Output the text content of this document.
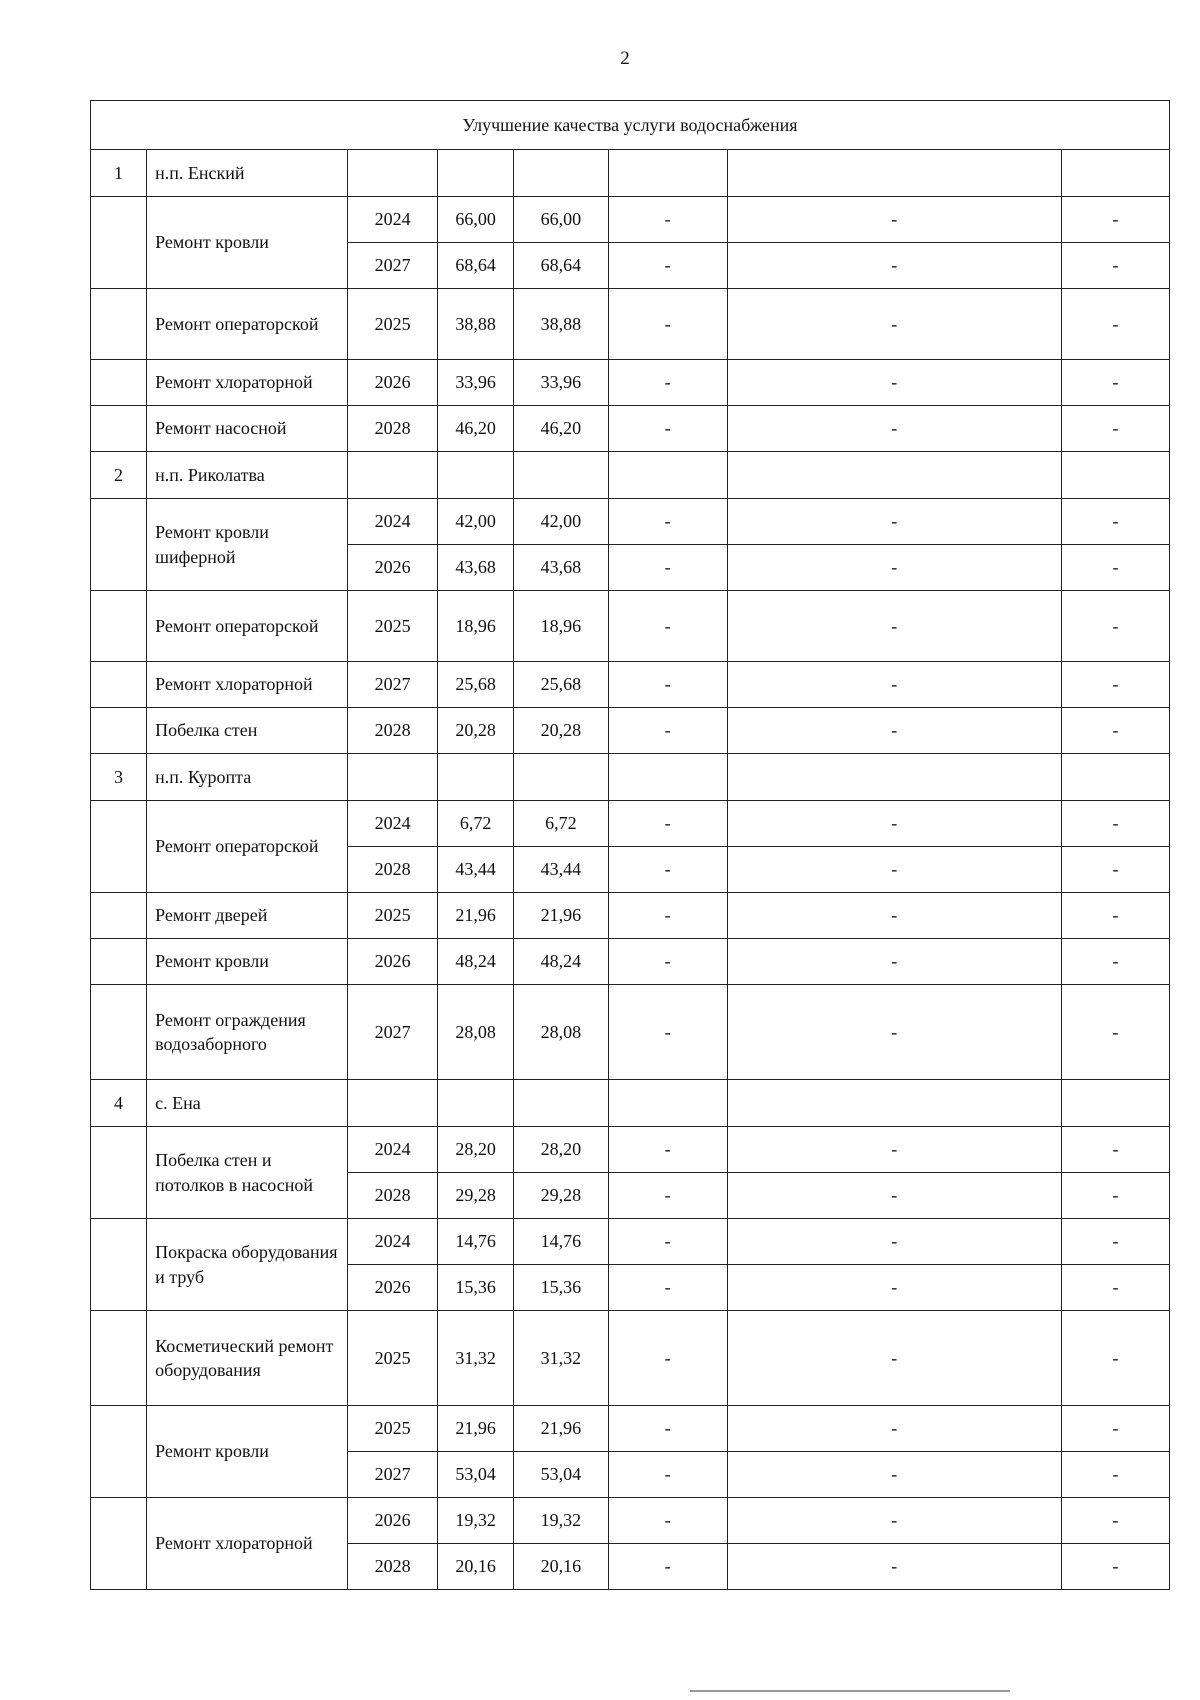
2
Улучшение качества услуги водоснабжения							
1	н.п. Енский						
	Ремонт кровли	2024	66,00	66,00	-	-	-
		2027	68,64	68,64	-	-	-
	Ремонт операторской	2025	38,88	38,88	-	-	-
	Ремонт хлораторной	2026	33,96	33,96	-	-	-
	Ремонт насосной	2028	46,20	46,20	-	-	-
2	н.п. Риколатва						
	Ремонт кровли шиферной	2024	42,00	42,00	-	-	-
		2026	43,68	43,68	-	-	-
	Ремонт операторской	2025	18,96	18,96	-	-	-
	Ремонт хлораторной	2027	25,68	25,68	-	-	-
	Побелка стен	2028	20,28	20,28	-	-	-
3	н.п. Куропта						
	Ремонт операторской	2024	6,72	6,72	-	-	-
		2028	43,44	43,44	-	-	-
	Ремонт дверей	2025	21,96	21,96	-	-	-
	Ремонт кровли	2026	48,24	48,24	-	-	-
	Ремонт ограждения водозаборного	2027	28,08	28,08	-	-	-
4	с. Ена						
	Побелка стен и потолков в насосной	2024	28,20	28,20	-	-	-
		2028	29,28	29,28	-	-	-
	Покраска оборудования и труб	2024	14,76	14,76	-	-	-
		2026	15,36	15,36	-	-	-
	Косметический ремонт оборудования	2025	31,32	31,32	-	-	-
	Ремонт кровли	2025	21,96	21,96	-	-	-
		2027	53,04	53,04	-	-	-
	Ремонт хлораторной	2026	19,32	19,32	-	-	-
		2028	20,16	20,16	-	-	-
